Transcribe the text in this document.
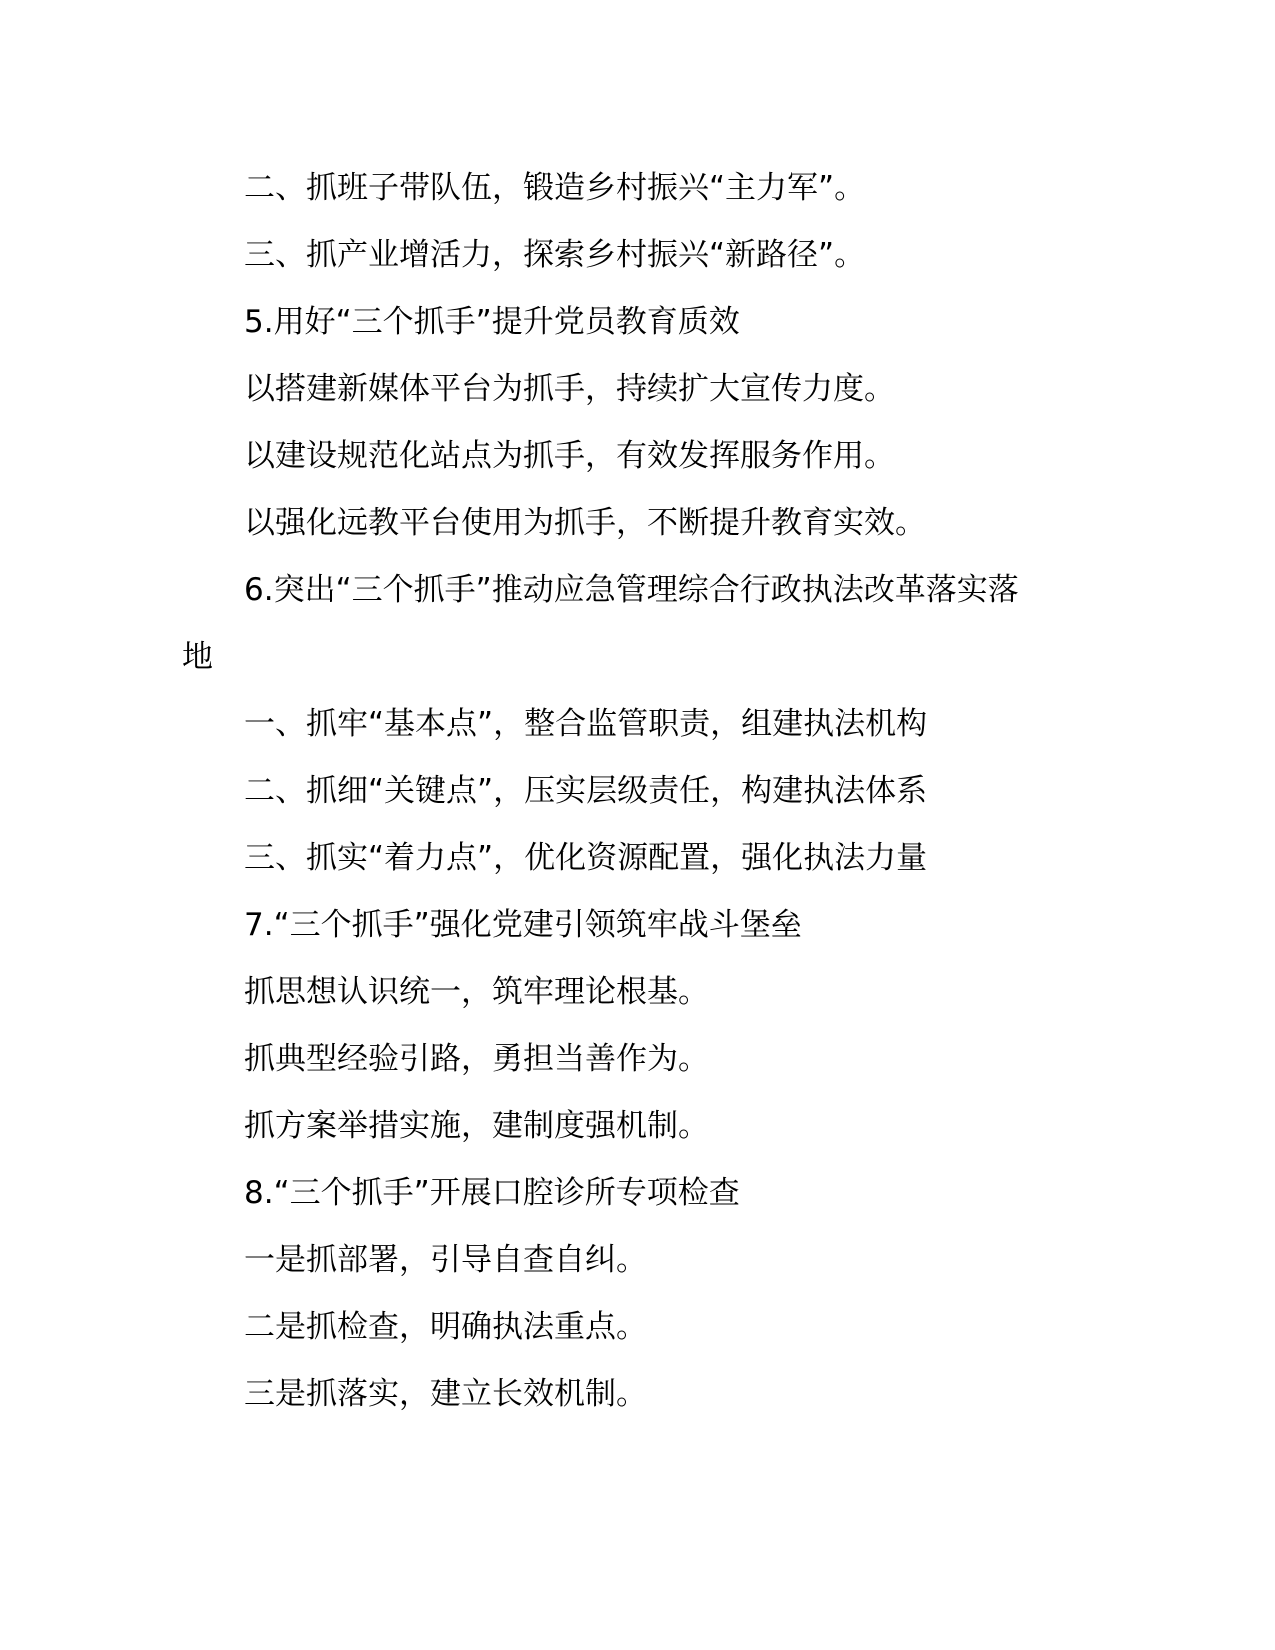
二、抓班子带队伍，锻造乡村振兴“主力军”。
三、抓产业增活力，探索乡村振兴“新路径”。
5.用好“三个抓手”提升党员教育质效
以搭建新媒体平台为抓手，持续扩大宣传力度。
以建设规范化站点为抓手，有效发挥服务作用。
以强化远教平台使用为抓手，不断提升教育实效。
6.突出“三个抓手”推动应急管理综合行政执法改革落实落
地
一、抓牢“基本点”，整合监管职责，组建执法机构
二、抓细“关键点”，压实层级责任，构建执法体系
三、抓实“着力点”，优化资源配置，强化执法力量
7.“三个抓手”强化党建引领筑牢战斗堡垒
抓思想认识统一，筑牢理论根基。
抓典型经验引路，勇担当善作为。
抓方案举措实施，建制度强机制。
8.“三个抓手”开展口腔诊所专项检查
一是抓部署，引导自查自纠。
二是抓检查，明确执法重点。
三是抓落实，建立长效机制。
